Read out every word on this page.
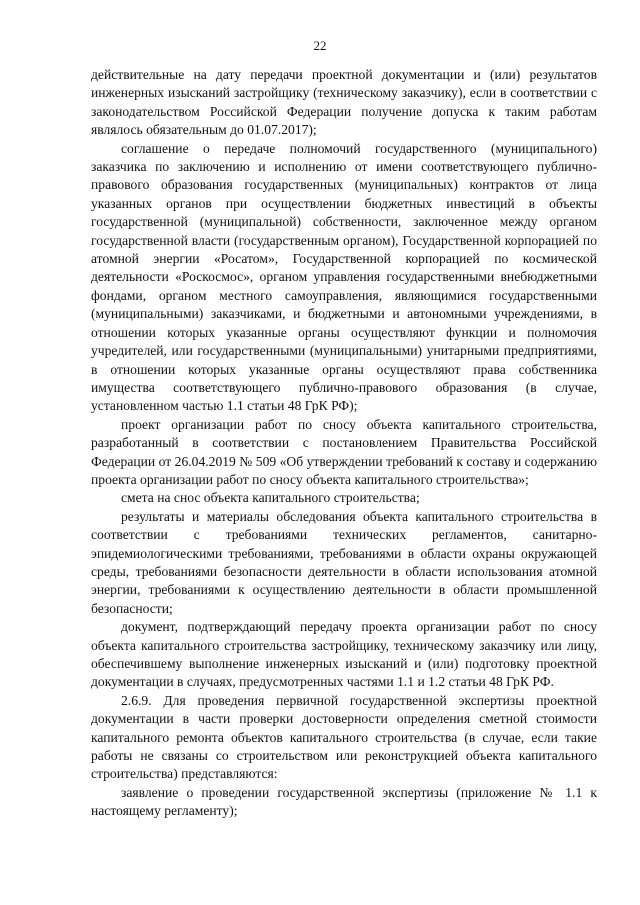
22

действительные на дату передачи проектной документации и (или) результатов инженерных изысканий застройщику (техническому заказчику), если в соответствии с законодательством Российской Федерации получение допуска к таким работам являлось обязательным до 01.07.2017);

соглашение о передаче полномочий государственного (муниципального) заказчика по заключению и исполнению от имени соответствующего публично-правового образования государственных (муниципальных) контрактов от лица указанных органов при осуществлении бюджетных инвестиций в объекты государственной (муниципальной) собственности, заключенное между органом государственной власти (государственным органом), Государственной корпорацией по атомной энергии «Росатом», Государственной корпорацией по космической деятельности «Роскосмос», органом управления государственными внебюджетными фондами, органом местного самоуправления, являющимися государственными (муниципальными) заказчиками, и бюджетными и автономными учреждениями, в отношении которых указанные органы осуществляют функции и полномочия учредителей, или государственными (муниципальными) унитарными предприятиями, в отношении которых указанные органы осуществляют права собственника имущества соответствующего публично-правового образования (в случае, установленном частью 1.1 статьи 48 ГрК РФ);

проект организации работ по сносу объекта капитального строительства, разработанный в соответствии с постановлением Правительства Российской Федерации от 26.04.2019 № 509 «Об утверждении требований к составу и содержанию проекта организации работ по сносу объекта капитального строительства»;

смета на снос объекта капитального строительства;

результаты и материалы обследования объекта капитального строительства в соответствии с требованиями технических регламентов, санитарно-эпидемиологическими требованиями, требованиями в области охраны окружающей среды, требованиями безопасности деятельности в области использования атомной энергии, требованиями к осуществлению деятельности в области промышленной безопасности;

документ, подтверждающий передачу проекта организации работ по сносу объекта капитального строительства застройщику, техническому заказчику или лицу, обеспечившему выполнение инженерных изысканий и (или) подготовку проектной документации в случаях, предусмотренных частями 1.1 и 1.2 статьи 48 ГрК РФ.

2.6.9. Для проведения первичной государственной экспертизы проектной документации в части проверки достоверности определения сметной стоимости капитального ремонта объектов капитального строительства (в случае, если такие работы не связаны со строительством или реконструкцией объекта капитального строительства) представляются:

заявление о проведении государственной экспертизы (приложение № 1.1 к настоящему регламенту);
